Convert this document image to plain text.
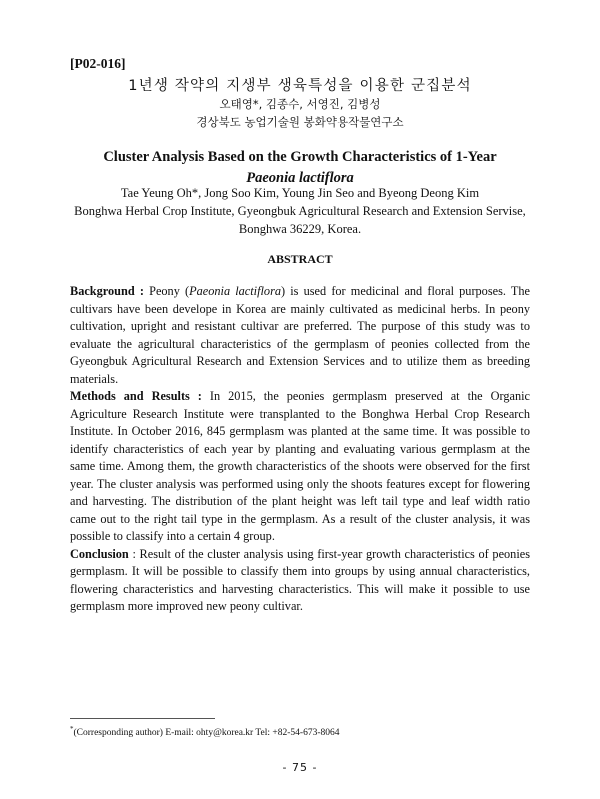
[P02-016]
1년생 작약의 지생부 생육특성을 이용한 군집분석
오태영*, 김종수, 서영진, 김병성
경상북도 농업기술원 봉화약용작물연구소
Cluster Analysis Based on the Growth Characteristics of 1-Year Paeonia lactiflora
Tae Yeung Oh*, Jong Soo Kim, Young Jin Seo and Byeong Deong Kim
Bonghwa Herbal Crop Institute, Gyeongbuk Agricultural Research and Extension Servise, Bonghwa 36229, Korea.
ABSTRACT

Background : Peony (Paeonia lactiflora) is used for medicinal and floral purposes. The cultivars have been develope in Korea are mainly cultivated as medicinal herbs. In peony cultivation, upright and resistant cultivar are preferred. The purpose of this study was to evaluate the agricultural characteristics of the germplasm of peonies collected from the Gyeongbuk Agricultural Research and Extension Services and to utilize them as breeding materials.

Methods and Results : In 2015, the peonies germplasm preserved at the Organic Agriculture Research Institute were transplanted to the Bonghwa Herbal Crop Research Institute. In October 2016, 845 germplasm was planted at the same time. It was possible to identify characteristics of each year by planting and evaluating various germplasm at the same time. Among them, the growth characteristics of the shoots were observed for the first year. The cluster analysis was performed using only the shoots features except for flowering and harvesting. The distribution of the plant height was left tail type and leaf width ratio came out to the right tail type in the germplasm. As a result of the cluster analysis, it was possible to classify into a certain 4 group.

Conclusion : Result of the cluster analysis using first-year growth characteristics of peonies germplasm. It will be possible to classify them into groups by using annual characteristics, flowering characteristics and harvesting characteristics. This will make it possible to use germplasm more improved new peony cultivar.

*(Corresponding author) E-mail: ohty@korea.kr Tel: +82-54-673-8064
- 75 -
